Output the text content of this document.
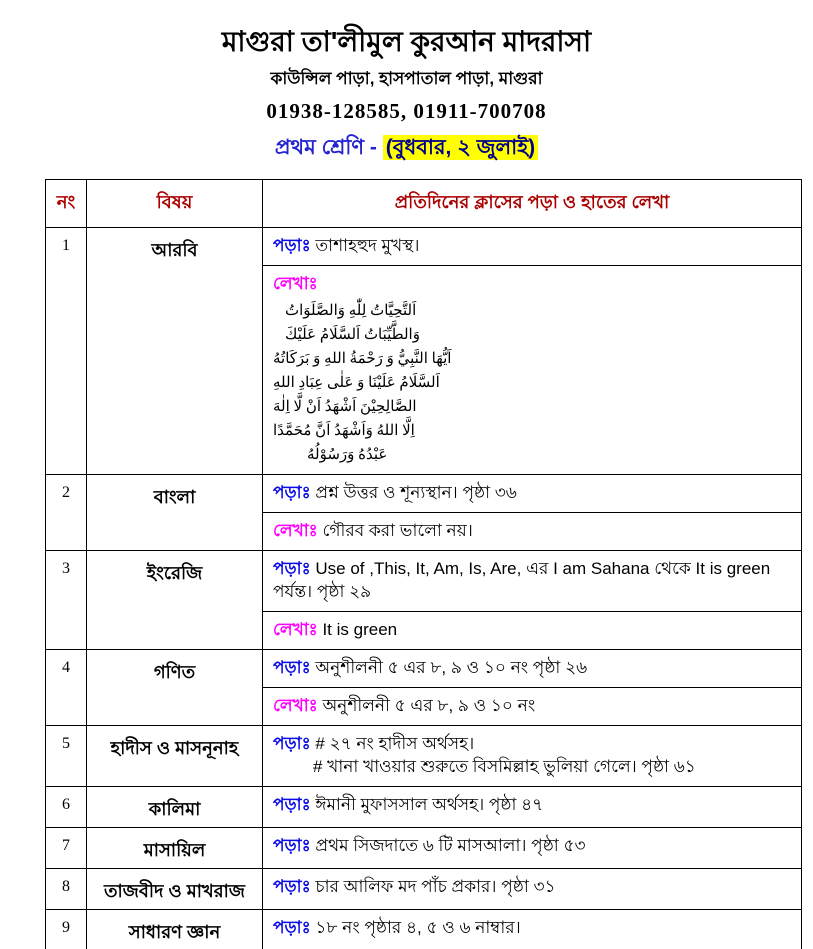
মাগুরা তা'লীমুল কুরআন মাদরাসা
কাউন্সিল পাড়া, হাসপাতাল পাড়া, মাগুরা
01938-128585, 01911-700708
প্রথম শ্রেণি - (বুধবার, ২ জুলাই)
নং	বিষয়	প্রতিদিনের ক্লাসের পড়া ও হাতের লেখা
1	আরবি	পড়াঃ তাশাহহুদ মুখস্থ।
লেখাঃ
اَلتَّحِيَّاتُ لِلّٰهِ وَالصَّلَوَاتُ
وَالطَّيِّبَاتُ اَلسَّلَامُ عَلَيْكَ
اَيُّهَا النَّبِيُّ وَ رَحْمَةُ اللهِ وَ بَرَكَاتُهُ
اَلسَّلَامُ عَلَيْنَا وَ عَلٰى عِبَادِ اللهِ
الصَّالِحِيْنَ اَشْهَدُ اَنْ لَّا اِلٰهَ
اِلَّا اللهُ وَاَشْهَدُ اَنَّ مُحَمَّدًا
عَبْدُهُ وَرَسُوْلُهُ

2	বাংলা	পড়াঃ প্রশ্ন উত্তর ও শূন্যস্থান। পৃষ্ঠা ৩৬
লেখাঃ গৌরব করা ভালো নয়।

3	ইংরেজি	পড়াঃ Use of ,This, It, Am, Is, Are, এর I am Sahana থেকে It is green পর্যন্ত। পৃষ্ঠা ২৯
লেখাঃ It is green

4	গণিত	পড়াঃ অনুশীলনী ৫ এর ৮, ৯ ও ১০ নং পৃষ্ঠা ২৬
লেখাঃ অনুশীলনী ৫ এর ৮, ৯ ও ১০ নং

5	হাদীস ও মাসনূনাহ	পড়াঃ # ২৭ নং হাদীস অর্থসহ।
# খানা খাওয়ার শুরুতে বিসমিল্লাহ ভুলিয়া গেলে। পৃষ্ঠা ৬১

6	কালিমা	পড়াঃ ঈমানী মুফাসসাল অর্থসহ। পৃষ্ঠা ৪৭

7	মাসায়িল	পড়াঃ প্রথম সিজদাতে ৬ টি মাসআলা। পৃষ্ঠা ৫৩

8	তাজবীদ ও মাখরাজ	পড়াঃ চার আলিফ মদ পাঁচ প্রকার। পৃষ্ঠা ৩১

9	সাধারণ জ্ঞান	পড়াঃ ১৮ নং পৃষ্ঠার ৪, ৫ ও ৬ নাম্বার।
